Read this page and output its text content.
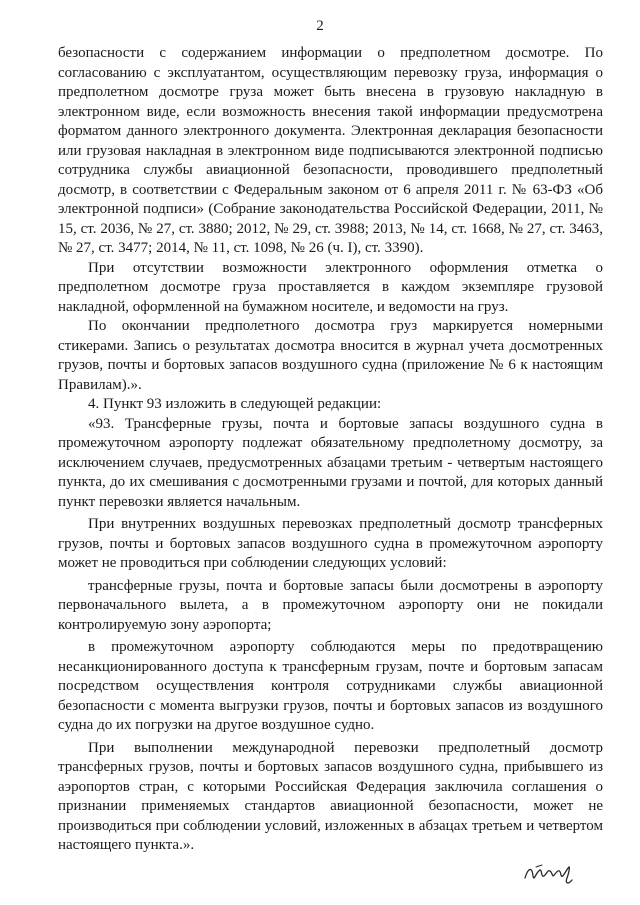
2

безопасности с содержанием информации о предполетном досмотре. По согласованию с эксплуатантом, осуществляющим перевозку груза, информация о предполетном досмотре груза может быть внесена в грузовую накладную в электронном виде, если возможность внесения такой информации предусмотрена форматом данного электронного документа. Электронная декларация безопасности или грузовая накладная в электронном виде подписываются электронной подписью сотрудника службы авиационной безопасности, проводившего предполетный досмотр, в соответствии с Федеральным законом от 6 апреля 2011 г. № 63-ФЗ «Об электронной подписи» (Собрание законодательства Российской Федерации, 2011, № 15, ст. 2036, № 27, ст. 3880; 2012, № 29, ст. 3988; 2013, № 14, ст. 1668, № 27, ст. 3463, № 27, ст. 3477; 2014, № 11, ст. 1098, № 26 (ч. I), ст. 3390).

При отсутствии возможности электронного оформления отметка о предполетном досмотре груза проставляется в каждом экземпляре грузовой накладной, оформленной на бумажном носителе, и ведомости на груз.

По окончании предполетного досмотра груз маркируется номерными стикерами. Запись о результатах досмотра вносится в журнал учета досмотренных грузов, почты и бортовых запасов воздушного судна (приложение № 6 к настоящим Правилам).».

4. Пункт 93 изложить в следующей редакции:

«93. Трансферные грузы, почта и бортовые запасы воздушного судна в промежуточном аэропорту подлежат обязательному предполетному досмотру, за исключением случаев, предусмотренных абзацами третьим - четвертым настоящего пункта, до их смешивания с досмотренными грузами и почтой, для которых данный пункт перевозки является начальным.

При внутренних воздушных перевозках предполетный досмотр трансферных грузов, почты и бортовых запасов воздушного судна в промежуточном аэропорту может не проводиться при соблюдении следующих условий:

трансферные грузы, почта и бортовые запасы были досмотрены в аэропорту первоначального вылета, а в промежуточном аэропорту они не покидали контролируемую зону аэропорта;

в промежуточном аэропорту соблюдаются меры по предотвращению несанкционированного доступа к трансферным грузам, почте и бортовым запасам посредством осуществления контроля сотрудниками службы авиационной безопасности с момента выгрузки грузов, почты и бортовых запасов из воздушного судна до их погрузки на другое воздушное судно.

При выполнении международной перевозки предполетный досмотр трансферных грузов, почты и бортовых запасов воздушного судна, прибывшего из аэропортов стран, с которыми Российская Федерация заключила соглашения о признании применяемых стандартов авиационной безопасности, может не производиться при соблюдении условий, изложенных в абзацах третьем и четвертом настоящего пункта.».
